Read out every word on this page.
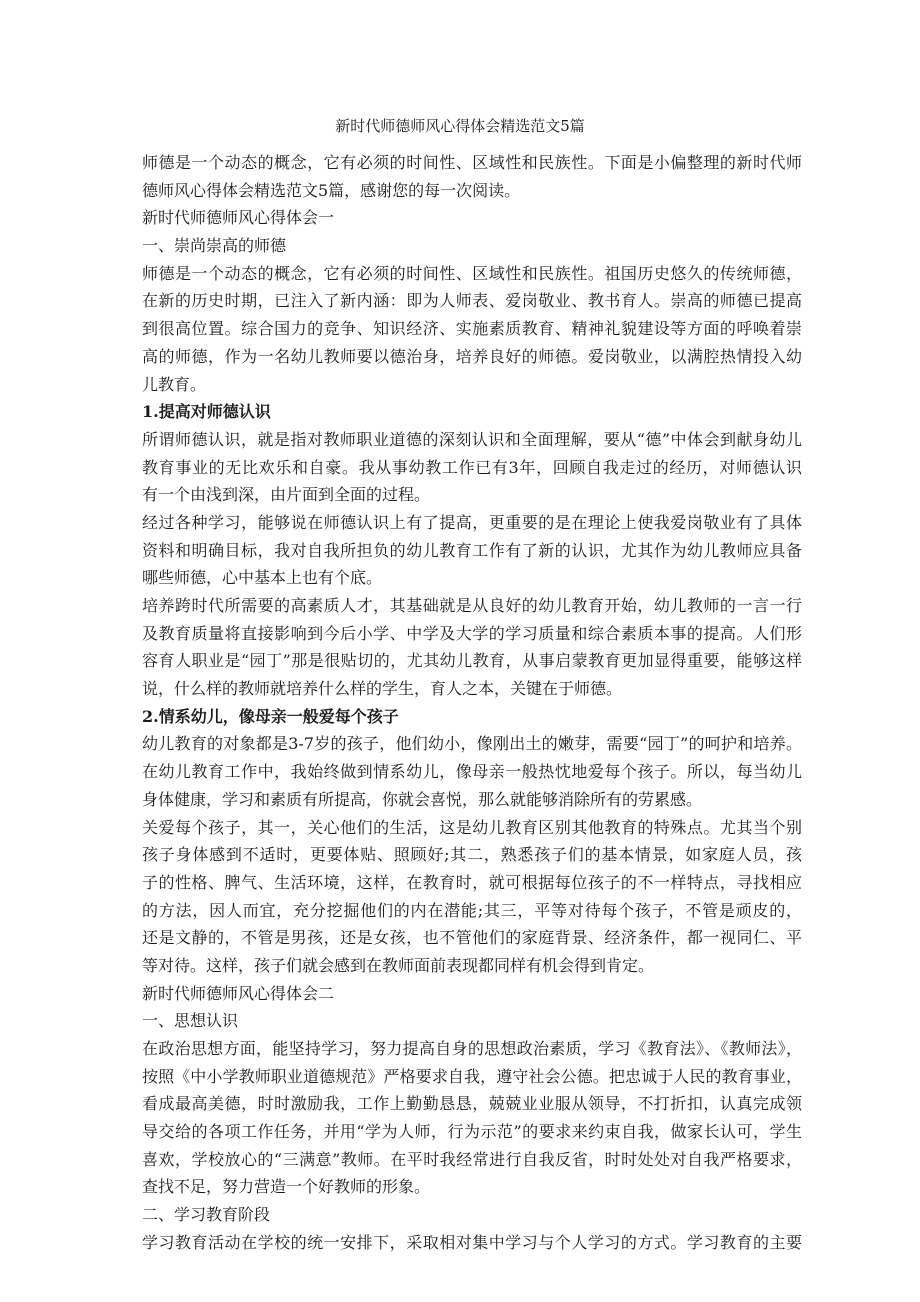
新时代师德师风心得体会精选范文5篇
师德是一个动态的概念，它有必须的时间性、区域性和民族性。下面是小偏整理的新时代师
德师风心得体会精选范文5篇，感谢您的每一次阅读。
新时代师德师风心得体会一
一、崇尚崇高的师德
师德是一个动态的概念，它有必须的时间性、区域性和民族性。祖国历史悠久的传统师德，
在新的历史时期，已注入了新内涵：即为人师表、爱岗敬业、教书育人。崇高的师德已提高
到很高位置。综合国力的竞争、知识经济、实施素质教育、精神礼貌建设等方面的呼唤着崇
高的师德，作为一名幼儿教师要以德治身，培养良好的师德。爱岗敬业，以满腔热情投入幼
儿教育。
1.提高对师德认识
所谓师德认识，就是指对教师职业道德的深刻认识和全面理解，要从“德”中体会到献身幼儿
教育事业的无比欢乐和自豪。我从事幼教工作已有3年，回顾自我走过的经历，对师德认识
有一个由浅到深，由片面到全面的过程。
经过各种学习，能够说在师德认识上有了提高，更重要的是在理论上使我爱岗敬业有了具体
资料和明确目标，我对自我所担负的幼儿教育工作有了新的认识，尤其作为幼儿教师应具备
哪些师德，心中基本上也有个底。
培养跨时代所需要的高素质人才，其基础就是从良好的幼儿教育开始，幼儿教师的一言一行
及教育质量将直接影响到今后小学、中学及大学的学习质量和综合素质本事的提高。人们形
容育人职业是“园丁”那是很贴切的，尤其幼儿教育，从事启蒙教育更加显得重要，能够这样
说，什么样的教师就培养什么样的学生，育人之本，关键在于师德。
2.情系幼儿，像母亲一般爱每个孩子
幼儿教育的对象都是3-7岁的孩子，他们幼小，像刚出土的嫩芽，需要“园丁”的呵护和培养。
在幼儿教育工作中，我始终做到情系幼儿，像母亲一般热忱地爱每个孩子。所以，每当幼儿
身体健康，学习和素质有所提高，你就会喜悦，那么就能够消除所有的劳累感。
关爱每个孩子，其一，关心他们的生活，这是幼儿教育区别其他教育的特殊点。尤其当个别
孩子身体感到不适时，更要体贴、照顾好;其二，熟悉孩子们的基本情景，如家庭人员，孩
子的性格、脾气、生活环境，这样，在教育时，就可根据每位孩子的不一样特点，寻找相应
的方法，因人而宜，充分挖掘他们的内在潜能;其三，平等对待每个孩子，不管是顽皮的，
还是文静的，不管是男孩，还是女孩，也不管他们的家庭背景、经济条件，都一视同仁、平
等对待。这样，孩子们就会感到在教师面前表现都同样有机会得到肯定。
新时代师德师风心得体会二
一、思想认识
在政治思想方面，能坚持学习，努力提高自身的思想政治素质，学习《教育法》、《教师法》，
按照《中小学教师职业道德规范》严格要求自我，遵守社会公德。把忠诚于人民的教育事业，
看成最高美德，时时激励我，工作上勤勤恳恳，兢兢业业服从领导，不打折扣，认真完成领
导交给的各项工作任务，并用“学为人师，行为示范”的要求来约束自我，做家长认可，学生
喜欢，学校放心的“三满意”教师。在平时我经常进行自我反省，时时处处对自我严格要求，
查找不足，努力营造一个好教师的形象。
二、学习教育阶段
学习教育活动在学校的统一安排下，采取相对集中学习与个人学习的方式。学习教育的主要
